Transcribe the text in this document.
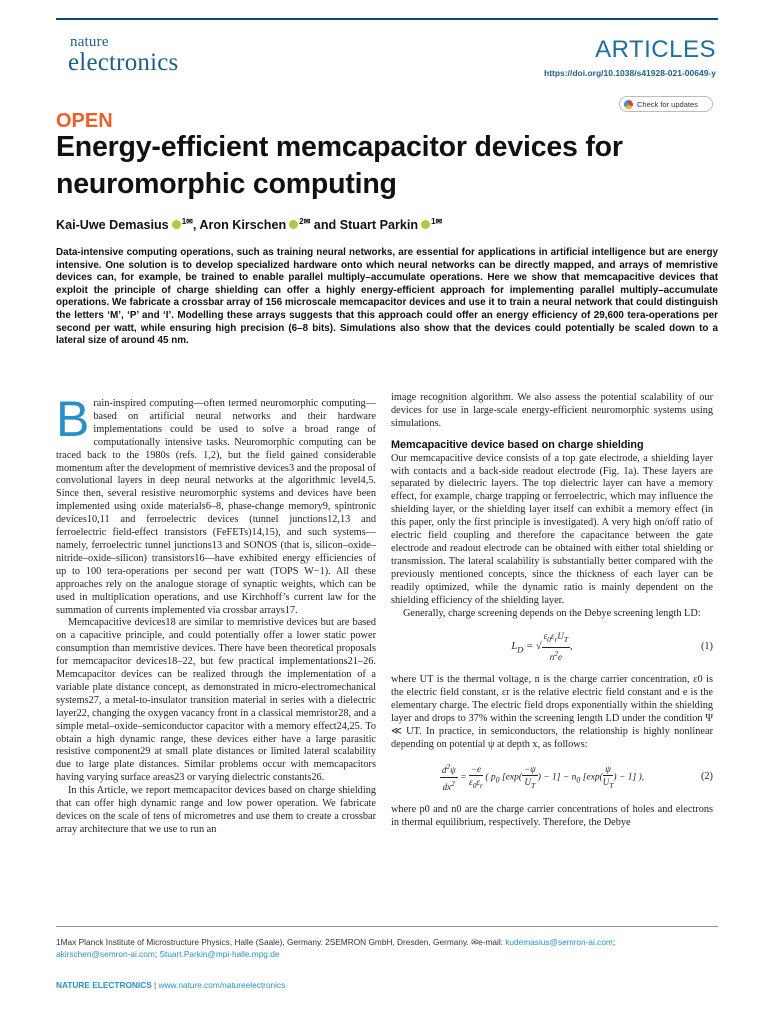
nature
electronics	ARTICLES
https://doi.org/10.1038/s41928-021-00649-y
Check for updates
OPEN
Energy-efficient memcapacitor devices for neuromorphic computing
Kai-Uwe Demasius $^{1✉}$, Aron Kirschen $^{2✉}$ and Stuart Parkin $^{1✉}$
Data-intensive computing operations, such as training neural networks, are essential for applications in artificial intelligence but are energy intensive. One solution is to develop specialized hardware onto which neural networks can be directly mapped, and arrays of memristive devices can, for example, be trained to enable parallel multiply–accumulate operations. Here we show that memcapacitive devices that exploit the principle of charge shielding can offer a highly energy-efficient approach for implementing parallel multiply–accumulate operations. We fabricate a crossbar array of 156 microscale memcapacitor devices and use it to train a neural network that could distinguish the letters ‘M’, ‘P’ and ‘I’. Modelling these arrays suggests that this approach could offer an energy efficiency of 29,600 tera-operations per second per watt, while ensuring high precision (6–8 bits). Simulations also show that the devices could potentially be scaled down to a lateral size of around 45 nm.
B rain-inspired computing—often termed neuromorphic computing—based on artificial neural networks and their hardware implementations could be used to solve a broad range of computationally intensive tasks. Neuromorphic computing can be traced back to the 1980s (refs. 1,2), but the field gained considerable momentum after the development of memristive devices3 and the proposal of convolutional layers in deep neural networks at the algorithmic level4,5. Since then, several resistive neuromorphic systems and devices have been implemented using oxide materials6–8, phase-change memory9, spintronic devices10,11 and ferroelectric devices (tunnel junctions12,13 and ferroelectric field-effect transistors (FeFETs)14,15), and such systems—namely, ferroelectric tunnel junctions13 and SONOS (that is, silicon–oxide–nitride–oxide–silicon) transistors16—have exhibited energy efficiencies of up to 100 tera-operations per second per watt (TOPS W−1). All these approaches rely on the analogue storage of synaptic weights, which can be used in multiplication operations, and use Kirchhoff’s current law for the summation of currents implemented via crossbar arrays17.

Memcapacitive devices18 are similar to memristive devices but are based on a capacitive principle, and could potentially offer a lower static power consumption than memristive devices. There have been theoretical proposals for memcapacitor devices18–22, but few practical implementations21–26. Memcapacitor devices can be realized through the implementation of a variable plate distance concept, as demonstrated in micro-electromechanical systems27, a metal-to-insulator transition material in series with a dielectric layer22, changing the oxygen vacancy front in a classical memristor28, and a simple metal–oxide–semiconductor capacitor with a memory effect24,25. To obtain a high dynamic range, these devices either have a large parasitic resistive component29 at small plate distances or limited lateral scalability due to large plate distances. Similar problems occur with memcapacitors having varying surface areas23 or varying dielectric constants26.

In this Article, we report memcapacitor devices based on charge shielding that can offer high dynamic range and low power operation. We fabricate devices on the scale of tens of micrometres and use them to create a crossbar array architecture that we use to run an

image recognition algorithm. We also assess the potential scalability of our devices for use in large-scale energy-efficient neuromorphic systems using simulations.

Memcapacitive device based on charge shielding

Our memcapacitive device consists of a top gate electrode, a shielding layer with contacts and a back-side readout electrode (Fig. 1a). These layers are separated by dielectric layers. The top dielectric layer can have a memory effect, for example, charge trapping or ferroelectric, which may influence the shielding layer, or the shielding layer itself can exhibit a memory effect (in this paper, only the first principle is investigated). A very high on/off ratio of electric field coupling and therefore the capacitance between the gate electrode and readout electrode can be obtained with either total shielding or transmission. The lateral scalability is substantially better compared with the previously mentioned concepts, since the thickness of each layer can be readily optimized, while the dynamic ratio is mainly dependent on the shielding efficiency of the shielding layer.

Generally, charge screening depends on the Debye screening length LD:

$L_D$ = √ $\frac{\varepsilon_0\varepsilon_rU_T}{n^2e}$ ,	(1)

where UT is the thermal voltage, n is the charge carrier concentration, ε0 is the electric field constant, εr is the relative electric field constant and e is the elementary charge. The electric field drops exponentially within the shielding layer and drops to 37% within the screening length LD under the condition Ψ ≪ UT. In practice, in semiconductors, the relationship is highly nonlinear depending on potential ψ at depth x, as follows:

$\frac{d^2\psi}{dx^2} = \frac{-e}{\varepsilon_0\varepsilon_r}$ ( $p_0$ [$\exp( \frac{-\psi}{U_T}$ ) − $1] - n_0$ [$\exp( \frac{\psi}{U_T}$ ) − 1] ),	(2)

where p0 and n0 are the charge carrier concentrations of holes and electrons in thermal equilibrium, respectively. Therefore, the Debye

1Max Planck Institute of Microstructure Physics, Halle (Saale), Germany. 2SEMRON GmbH, Dresden, Germany. ✉e-mail: kudemasius@semron-ai.com;
akirschen@semron-ai.com; Stuart.Parkin@mpi-halle.mpg.de
NATURE ELECTRONICS | www.nature.com/natureelectronics
